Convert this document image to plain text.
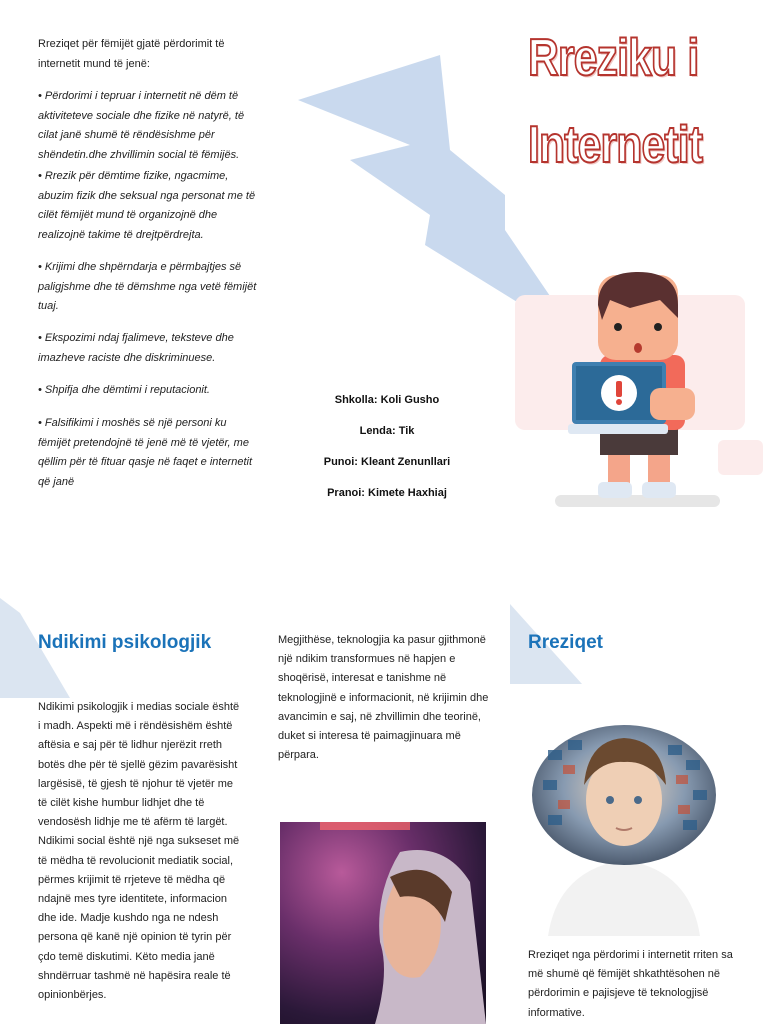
Rreziqet për fëmijët gjatë përdorimit të internetit mund të jenë:
• Përdorimi i tepruar i internetit në dëm të aktiviteteve sociale dhe fizike në natyrë, të cilat janë shumë të rëndësishme për shëndetin.dhe zhvillimin social të fëmijës.
• Rrezik për dëmtime fizike, ngacmime, abuzim fizik dhe seksual nga personat me të cilët fëmijët mund të organizojnë dhe realizojnë takime të drejtpërdrejta.
• Krijimi dhe shpërndarja e përmbajtjes së paligjshme dhe të dëmshme nga vetë fëmijët tuaj.
• Ekspozimi ndaj fjalimeve, teksteve dhe imazheve raciste dhe diskriminuese.
• Shpifja dhe dëmtimi i reputacionit.
• Falsifikimi i moshës së një personi ku fëmijët pretendojnë të jenë më të vjetër, me qëllim për të fituar qasje në faqet e internetit që janë
Shkolla: Koli Gusho
Lenda: Tik
Punoi: Kleant Zenunllari
Pranoi: Kimete Haxhiaj
Rreziku i
Internetit
Ndikimi psikologjik
Ndikimi psikologjik i medias sociale është i madh. Aspekti më i rëndësishëm është aftësia e saj për të lidhur njerëzit rreth botës dhe për të sjellë gëzim pavarësisht largësisë, të gjesh të njohur të vjetër me të cilët kishe humbur lidhjet dhe të vendosësh lidhje me të afërm të largët. Ndikimi social është një nga sukseset më të mëdha të revolucionit mediatik social, përmes krijimit të rrjeteve të mëdha që ndajnë mes tyre identitete, informacion dhe ide. Madje kushdo nga ne ndesh persona që kanë një opinion të tyrin për çdo temë diskutimi. Këto media janë shndërruar tashmë në hapësira reale të opinionbërjes.
Megjithëse, teknologjia ka pasur gjithmonë një ndikim transformues në hapjen e shoqërisë, interesat e tanishme në teknologjinë e informacionit, në krijimin dhe avancimin e saj, në zhvillimin dhe teorinë, duket si interesa të paimagjinuara më përpara.
Rreziqet
Rreziqet nga përdorimi i internetit rriten sa më shumë që fëmijët shkathtësohen në përdorimin e pajisjeve të teknologjisë informative.
